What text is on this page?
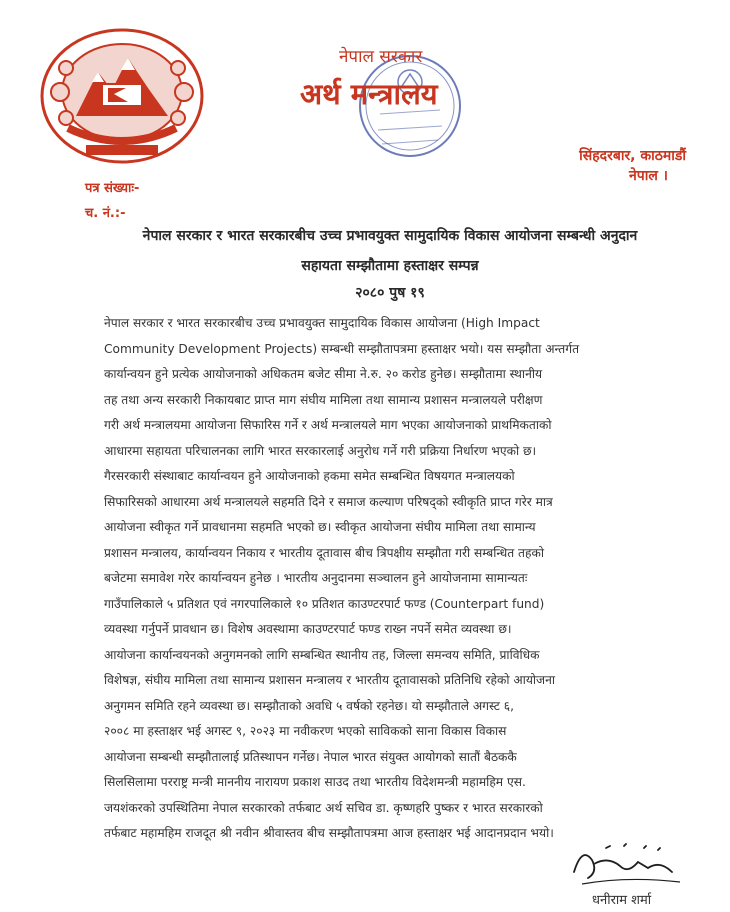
नेपाल सरकार
अर्थ मन्त्रालय
सिंहदरबार, काठमाडौं
नेपाल ।
पत्र संख्याः-
च. नं.:-
नेपाल सरकार र भारत सरकारबीच उच्च प्रभावयुक्त सामुदायिक विकास आयोजना सम्बन्धी अनुदान
सहायता सम्झौतामा हस्ताक्षर सम्पन्न
२०८० पुष १९
नेपाल सरकार र भारत सरकारबीच उच्च प्रभावयुक्त सामुदायिक विकास आयोजना (High Impact
Community Development Projects) सम्बन्धी सम्झौतापत्रमा हस्ताक्षर भयो। यस सम्झौता अन्तर्गत
कार्यान्वयन हुने प्रत्येक आयोजनाको अधिकतम बजेट सीमा ने.रु. २० करोड हुनेछ। सम्झौतामा स्थानीय
तह तथा अन्य सरकारी निकायबाट प्राप्त माग संघीय मामिला तथा सामान्य प्रशासन मन्त्रालयले परीक्षण
गरी अर्थ मन्त्रालयमा आयोजना सिफारिस गर्ने र अर्थ मन्त्रालयले माग भएका आयोजनाको प्राथमिकताको
आधारमा सहायता परिचालनका लागि भारत सरकारलाई अनुरोध गर्ने गरी प्रक्रिया निर्धारण भएको छ।
गैरसरकारी संस्थाबाट कार्यान्वयन हुने आयोजनाको हकमा समेत सम्बन्धित विषयगत मन्त्रालयको
सिफारिसको आधारमा अर्थ मन्त्रालयले सहमति दिने र समाज कल्याण परिषद्को स्वीकृति प्राप्त गरेर मात्र
आयोजना स्वीकृत गर्ने प्रावधानमा सहमति भएको छ। स्वीकृत आयोजना संघीय मामिला तथा सामान्य
प्रशासन मन्त्रालय, कार्यान्वयन निकाय र भारतीय दूतावास बीच त्रिपक्षीय सम्झौता गरी सम्बन्धित तहको
बजेटमा समावेश गरेर कार्यान्वयन हुनेछ । भारतीय अनुदानमा सञ्चालन हुने आयोजनामा सामान्यतः
गाउँपालिकाले ५ प्रतिशत एवं नगरपालिकाले १० प्रतिशत काउण्टरपार्ट फण्ड (Counterpart fund)
व्यवस्था गर्नुपर्ने प्रावधान छ। विशेष अवस्थामा काउण्टरपार्ट फण्ड राख्न नपर्ने समेत व्यवस्था छ।
आयोजना कार्यान्वयनको अनुगमनको लागि सम्बन्धित स्थानीय तह, जिल्ला समन्वय समिति, प्राविधिक
विशेषज्ञ, संघीय मामिला तथा सामान्य प्रशासन मन्त्रालय र भारतीय दूतावासको प्रतिनिधि रहेको आयोजना
अनुगमन समिति रहने व्यवस्था छ। सम्झौताको अवधि ५ वर्षको रहनेछ। यो सम्झौताले अगस्ट ६,
२००८ मा हस्ताक्षर भई अगस्ट ९, २०२३ मा नवीकरण भएको साविकको साना विकास विकास
आयोजना सम्बन्धी सम्झौतालाई प्रतिस्थापन गर्नेछ। नेपाल भारत संयुक्त आयोगको सातौं बैठककै
सिलसिलामा परराष्ट्र मन्त्री माननीय नारायण प्रकाश साउद तथा भारतीय विदेशमन्त्री महामहिम एस.
जयशंकरको उपस्थितिमा नेपाल सरकारको तर्फबाट अर्थ सचिव डा. कृष्णहरि पुष्कर र भारत सरकारको
तर्फबाट महामहिम राजदूत श्री नवीन श्रीवास्तव बीच सम्झौतापत्रमा आज हस्ताक्षर भई आदानप्रदान भयो।
धनीराम शर्मा
